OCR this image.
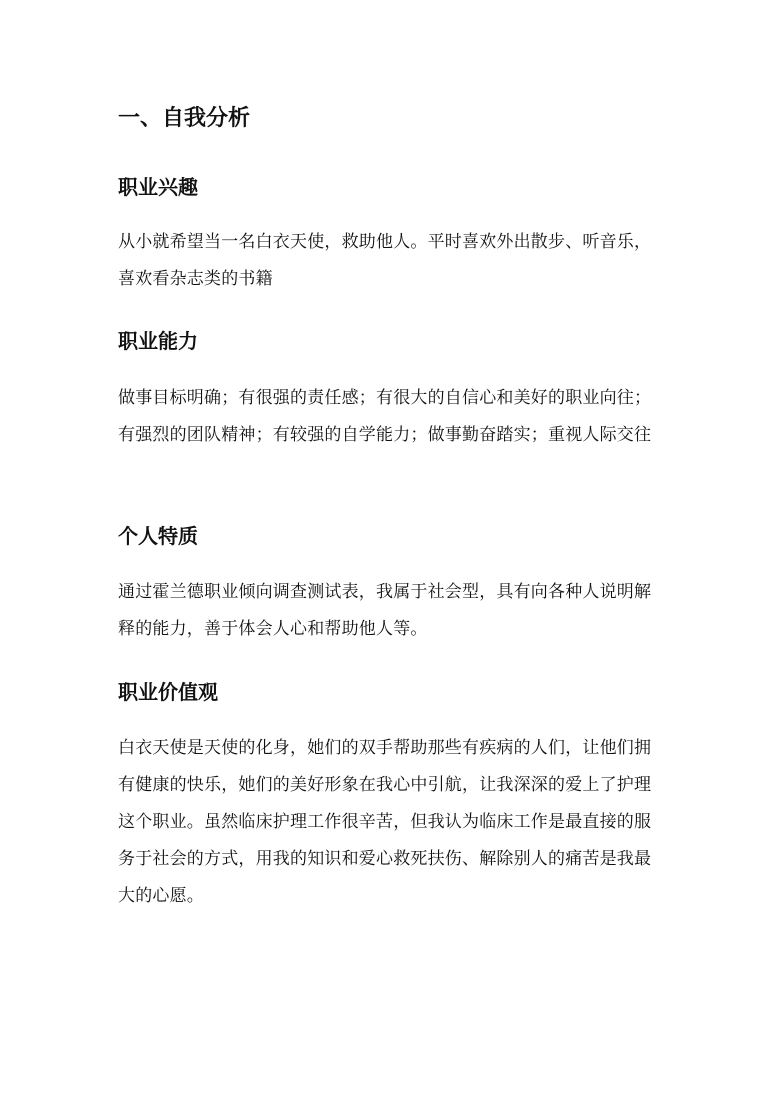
一、自我分析
职业兴趣

从小就希望当一名白衣天使，救助他人。平时喜欢外出散步、听音乐，喜欢看杂志类的书籍

职业能力

做事目标明确；有很强的责任感；有很大的自信心和美好的职业向往；有强烈的团队精神；有较强的自学能力；做事勤奋踏实；重视人际交往

个人特质

通过霍兰德职业倾向调查测试表，我属于社会型，具有向各种人说明解释的能力，善于体会人心和帮助他人等。

职业价值观

白衣天使是天使的化身，她们的双手帮助那些有疾病的人们，让他们拥有健康的快乐，她们的美好形象在我心中引航，让我深深的爱上了护理这个职业。虽然临床护理工作很辛苦，但我认为临床工作是最直接的服务于社会的方式，用我的知识和爱心救死扶伤、解除别人的痛苦是我最大的心愿。
